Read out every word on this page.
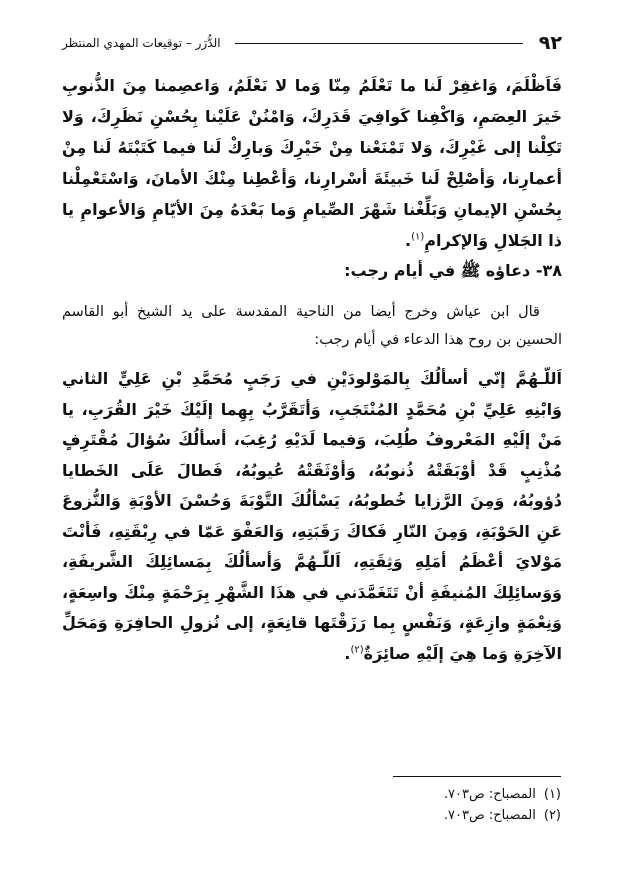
٩٢
الدُّرَر – توقيعات المهدي المنتظر
فَاَظْلَمَ، وَاغفِرْ لَنا ما تَعْلَمُ مِنّا وَما لا نَعْلَمُ، وَاعصِمنا مِنَ الذُّنوبِ خَيرَ العِصَمِ، وَاكْفِنا كَوافِيَ قَدَرِكَ، وَامْنُنْ عَلَيْنا بِحُسْنِ نَظَرِكَ، وَلا تَكِلْنا إلى غَيْرِكَ، وَلا تَمْنَعْنا مِنْ خَيْرِكَ وَبارِكْ لَنا فيما كَتَبْتَهُ لَنا مِنْ أعمارِنا، وَأصْلِحْ لَنا خَبيئَةَ أسْرارِنا، وَأعْطِنا مِنْكَ الأمانَ، وَاسْتَعْمِلْنا بِحُسْنِ الإيمانِ وَبَلِّغْنا شَهْرَ الصِّيامِ وَما بَعْدَهُ مِنَ الأيّامِ وَالأعوامِ يا ذا الجَلالِ وَالإكرامِ$^{(١)}$.
٣٨- دعاؤه ﷺ في أيام رجب:
قال ابن عياش وخرج أيضا من الناحية المقدسة على يد الشيخ أبو القاسم الحسين بن روح هذا الدعاء في أيام رجب:
اَللّـهُمَّ إنّي أسألُكَ بِالمَوْلودَيْنِ في رَجَبٍ مُحَمَّدِ بْنِ عَلِيٍّ الثاني وَابْنِهِ عَلِيِّ بْنِ مُحَمَّدٍ المُنْتَجَبِ، وَأتَقَرَّبُ بِهِما إلَيْكَ خَيْرَ القُرَبِ، يا مَنْ إلَيْهِ المَعْروفُ طُلِبَ، وَفيما لَدَيْهِ رُغِبَ، أسألُكَ سُؤالَ مُقْتَرِفٍ مُذْنِبٍ قَدْ أوْبَقَتْهُ ذُنوبُهُ، وَأوْثَقَتْهُ عُيوبُهُ، فَطالَ عَلَى الخَطايا دُؤوبُهُ، وَمِنَ الرَّزايا خُطوبُهُ، يَسْألُكَ التَّوْبَةَ وَحُسْنَ الأوْبَةِ وَالنُّزوعَ عَنِ الحَوْبَةِ، وَمِنَ النّارِ فَكاكَ رَقَبَتِهِ، وَالعَفْوَ عَمّا في رِبْقَتِهِ، فَأنْتَ مَوْلايَ أعْظَمُ أمَلِهِ وَثِقَتِهِ، اَللّـهُمَّ وَأسألُكَ بِمَسائِلِكَ الشَّريفَةِ، وَوَسائِلِكَ المُنيفَةِ أنْ تَتَغَمَّدَني في هذَا الشَّهْرِ بِرَحْمَةٍ مِنْكَ واسِعَةٍ، وَنِعْمَةٍ وازِعَةٍ، وَنَفْسٍ بِما رَزَقْتَها قانِعَةٍ، إلى نُزولِ الحافِرَةِ وَمَحَلِّ الآخِرَةِ وَما هِيَ إلَيْهِ صائِرَةٌ$^{(٢)}$.
(١)
المصباح: ص٧٠٣.
(٢)
المصباح: ص٧٠٣.
